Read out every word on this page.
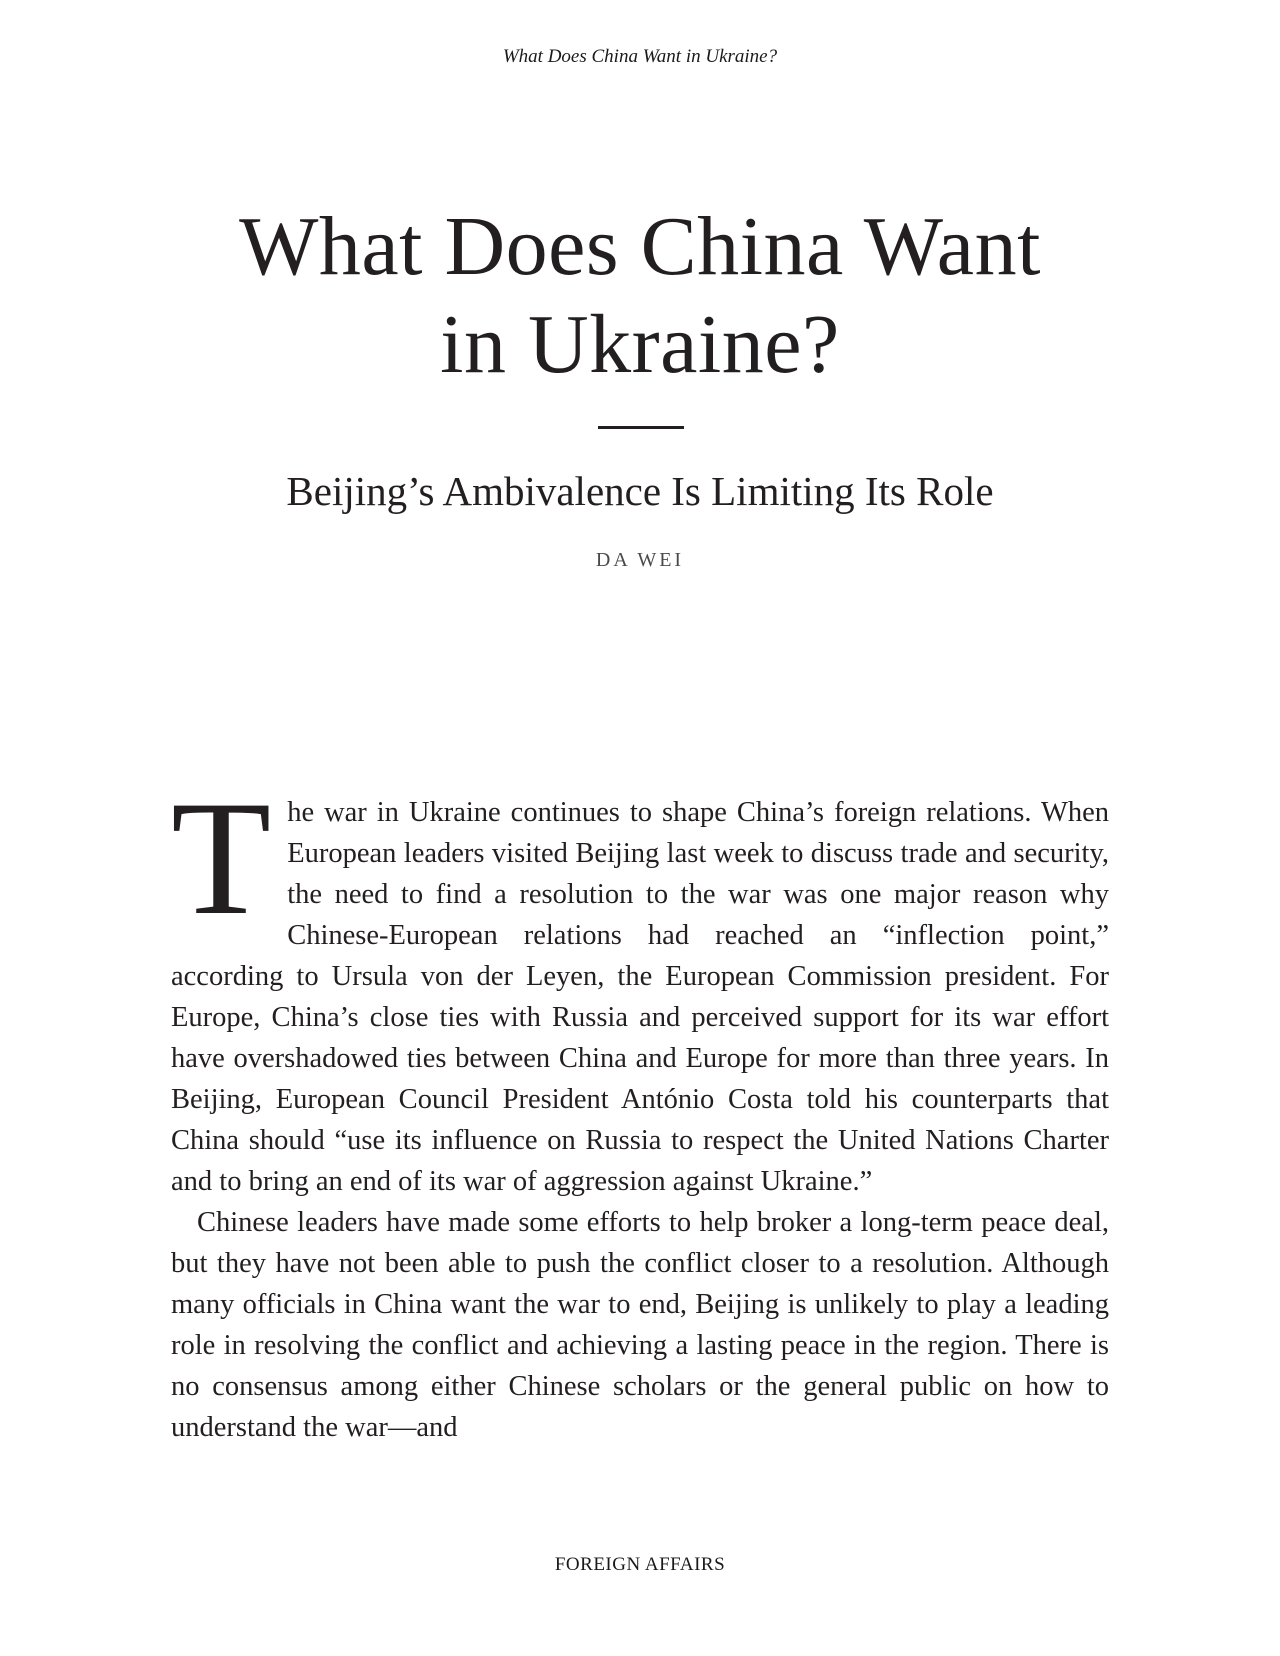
What Does China Want in Ukraine?
What Does China Want
in Ukraine?
Beijing’s Ambivalence Is Limiting Its Role
DA WEI

The war in Ukraine continues to shape China’s foreign relations. When European leaders visited Beijing last week to discuss trade and security, the need to find a resolution to the war was one major reason why Chinese-European relations had reached an “inflection point,” according to Ursula von der Leyen, the European Commission president. For Europe, China’s close ties with Russia and perceived support for its war effort have overshadowed ties between China and Europe for more than three years. In Beijing, European Council President António Costa told his counterparts that China should “use its influence on Russia to respect the United Nations Charter and to bring an end of its war of aggression against Ukraine.”

Chinese leaders have made some efforts to help broker a long-term peace deal, but they have not been able to push the conflict closer to a resolution. Although many officials in China want the war to end, Beijing is unlikely to play a leading role in resolving the conflict and achieving a lasting peace in the region. There is no consensus among either Chinese scholars or the general public on how to understand the war—and

FOREIGN AFFAIRS
